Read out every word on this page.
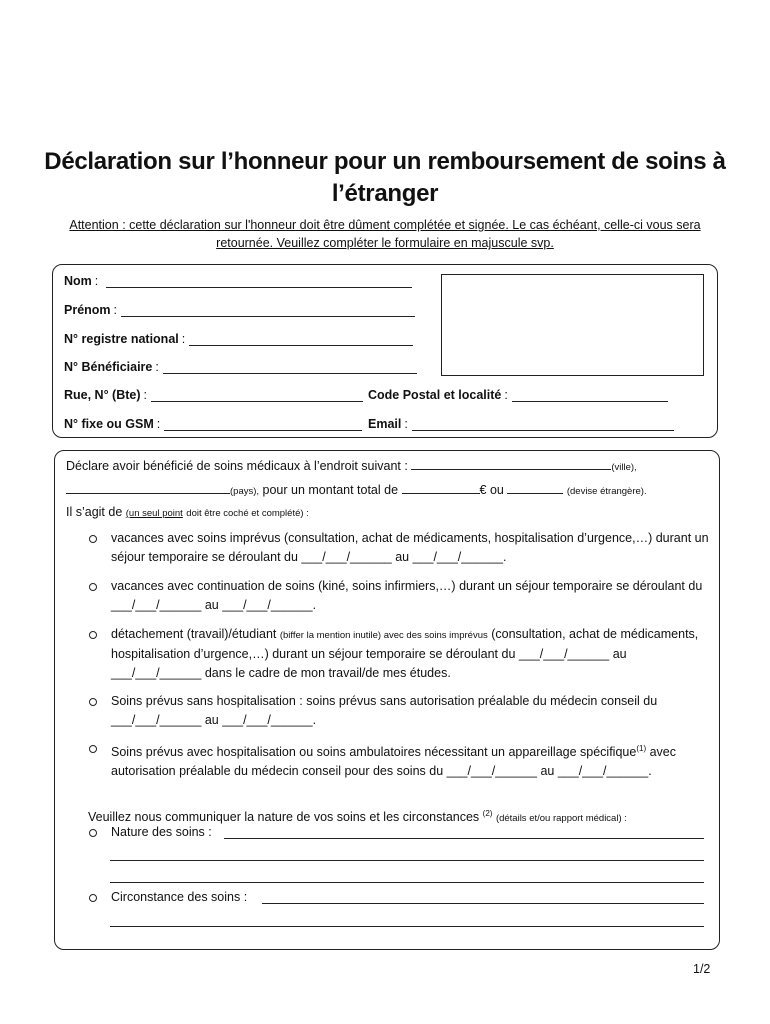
Déclaration sur l’honneur pour un remboursement de soins à l’étranger
Attention : cette déclaration sur l'honneur doit être dûment complétée et signée. Le cas échéant, celle-ci vous sera retournée. Veuillez compléter le formulaire en majuscule svp.
Nom :
Prénom :
N° registre national :
N° Bénéficiaire :
Rue, N° (Bte) :	Code Postal et localité :
N° fixe ou GSM :	Email :
Déclare avoir bénéficié de soins médicaux à l’endroit suivant :	(ville),
(pays), pour un montant total de	€ ou	(devise étrangère).
Il s’agit de (un seul point doit être coché et complété) :
vacances avec soins imprévus (consultation, achat de médicaments, hospitalisation d’urgence,…) durant un séjour temporaire se déroulant du ___/___/______ au ___/___/______.
vacances avec continuation de soins (kiné, soins infirmiers,…) durant un séjour temporaire se déroulant du ___/___/______ au ___/___/______.
détachement (travail)/étudiant (biffer la mention inutile) avec des soins imprévus (consultation, achat de médicaments, hospitalisation d’urgence,…) durant un séjour temporaire se déroulant du ___/___/______ au ___/___/______ dans le cadre de mon travail/de mes études.
Soins prévus sans hospitalisation : soins prévus sans autorisation préalable du médecin conseil du ___/___/______ au ___/___/______.
Soins prévus avec hospitalisation ou soins ambulatoires nécessitant un appareillage spécifique$^{(1)}$ avec autorisation préalable du médecin conseil pour des soins du ___/___/______ au ___/___/______.
Veuillez nous communiquer la nature de vos soins et les circonstances $^{(2)}$ (détails et/ou rapport médical) :
Nature des soins :
Circonstance des soins :
1/2
